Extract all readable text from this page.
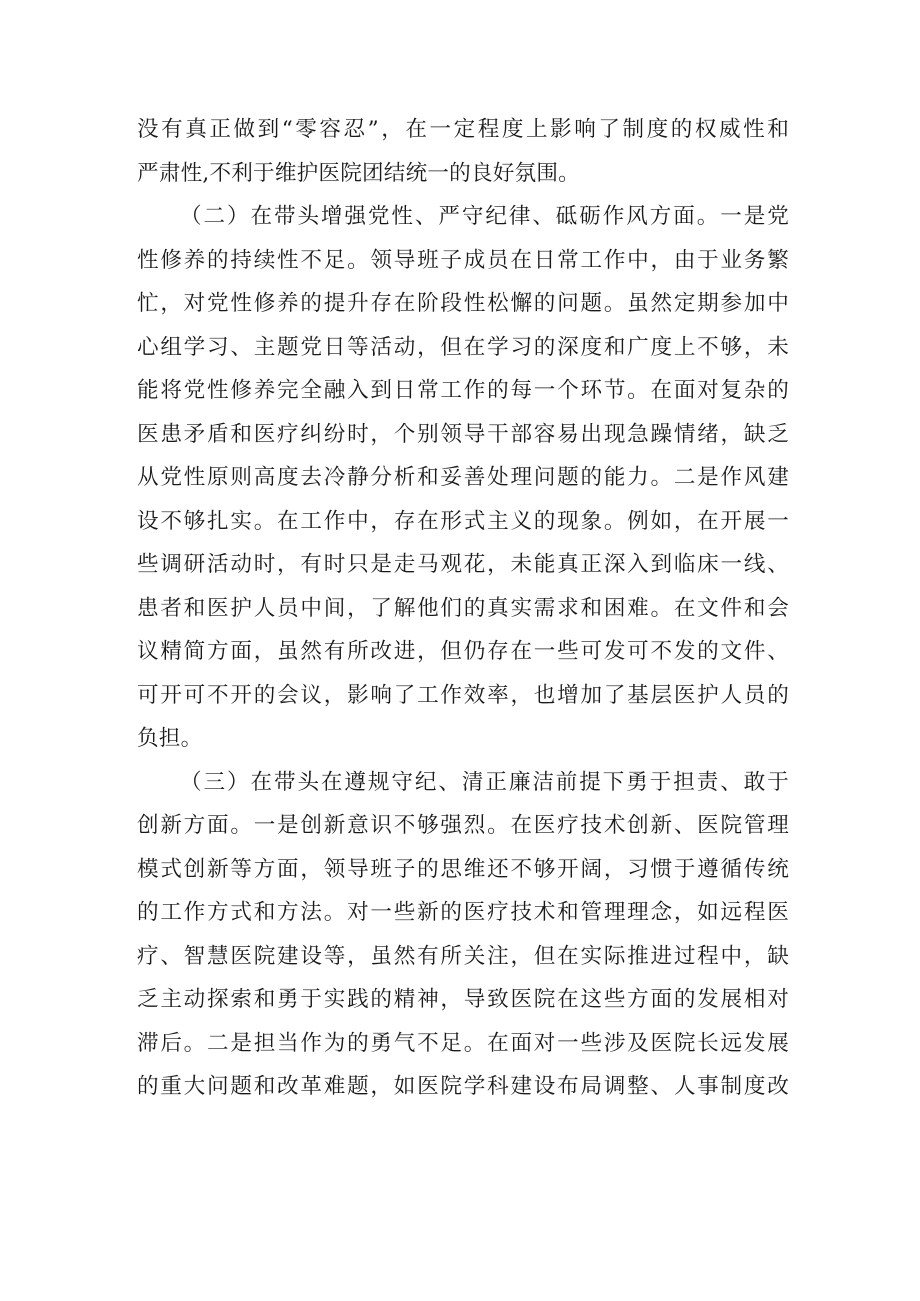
没有真正做到“零容忍”，在一定程度上影响了制度的权威性和
严肃性,不利于维护医院团结统一的良好氛围。
（二）在带头增强党性、严守纪律、砥砺作风方面。一是党
性修养的持续性不足。领导班子成员在日常工作中，由于业务繁
忙，对党性修养的提升存在阶段性松懈的问题。虽然定期参加中
心组学习、主题党日等活动，但在学习的深度和广度上不够，未
能将党性修养完全融入到日常工作的每一个环节。在面对复杂的
医患矛盾和医疗纠纷时，个别领导干部容易出现急躁情绪，缺乏
从党性原则高度去冷静分析和妥善处理问题的能力。二是作风建
设不够扎实。在工作中，存在形式主义的现象。例如，在开展一
些调研活动时，有时只是走马观花，未能真正深入到临床一线、
患者和医护人员中间，了解他们的真实需求和困难。在文件和会
议精简方面，虽然有所改进，但仍存在一些可发可不发的文件、
可开可不开的会议，影响了工作效率，也增加了基层医护人员的
负担。
（三）在带头在遵规守纪、清正廉洁前提下勇于担责、敢于
创新方面。一是创新意识不够强烈。在医疗技术创新、医院管理
模式创新等方面，领导班子的思维还不够开阔，习惯于遵循传统
的工作方式和方法。对一些新的医疗技术和管理理念，如远程医
疗、智慧医院建设等，虽然有所关注，但在实际推进过程中，缺
乏主动探索和勇于实践的精神，导致医院在这些方面的发展相对
滞后。二是担当作为的勇气不足。在面对一些涉及医院长远发展
的重大问题和改革难题，如医院学科建设布局调整、人事制度改
